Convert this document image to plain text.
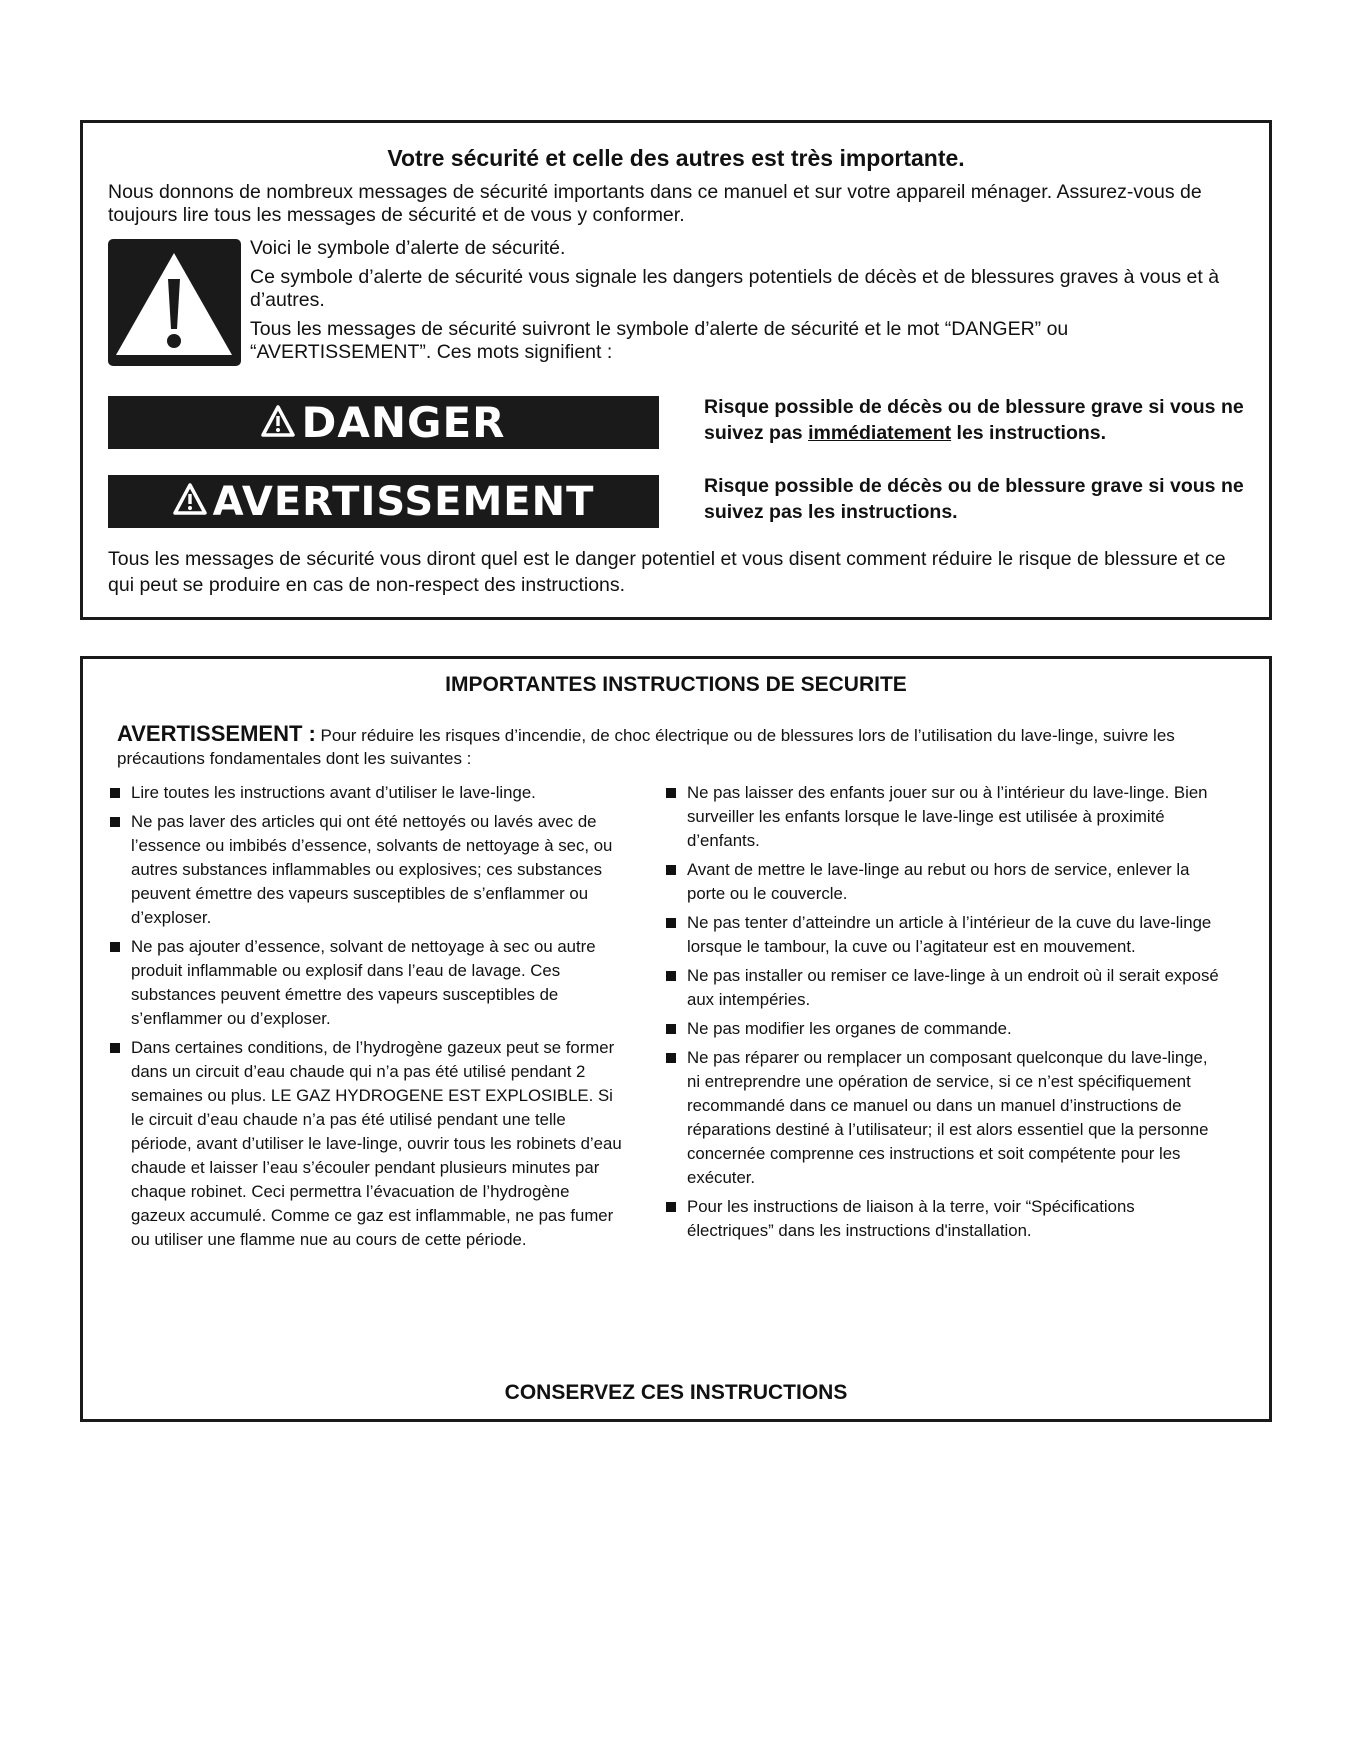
Votre sécurité et celle des autres est très importante.
Nous donnons de nombreux messages de sécurité importants dans ce manuel et sur votre appareil ménager. Assurez-vous de toujours lire tous les messages de sécurité et de vous y conformer.

Voici le symbole d’alerte de sécurité.

Ce symbole d’alerte de sécurité vous signale les dangers potentiels de décès et de blessures graves à vous et à d’autres.

Tous les messages de sécurité suivront le symbole d’alerte de sécurité et le mot “DANGER” ou “AVERTISSEMENT”. Ces mots signifient :

DANGER	Risque possible de décès ou de blessure grave si vous ne suivez pas immédiatement les instructions.
AVERTISSEMENT	Risque possible de décès ou de blessure grave si vous ne suivez pas les instructions.
Tous les messages de sécurité vous diront quel est le danger potentiel et vous disent comment réduire le risque de blessure et ce qui peut se produire en cas de non-respect des instructions.
IMPORTANTES INSTRUCTIONS DE SECURITE
AVERTISSEMENT : Pour réduire les risques d’incendie, de choc électrique ou de blessures lors de l’utilisation du lave-linge, suivre les précautions fondamentales dont les suivantes :
Lire toutes les instructions avant d’utiliser le lave-linge.
Ne pas laver des articles qui ont été nettoyés ou lavés avec de l’essence ou imbibés d’essence, solvants de nettoyage à sec, ou autres substances inflammables ou explosives; ces substances peuvent émettre des vapeurs susceptibles de s’enflammer ou d’exploser.
Ne pas ajouter d’essence, solvant de nettoyage à sec ou autre produit inflammable ou explosif dans l’eau de lavage. Ces substances peuvent émettre des vapeurs susceptibles de s’enflammer ou d’exploser.
Dans certaines conditions, de l’hydrogène gazeux peut se former dans un circuit d’eau chaude qui n’a pas été utilisé pendant 2 semaines ou plus. LE GAZ HYDROGENE EST EXPLOSIBLE. Si le circuit d’eau chaude n’a pas été utilisé pendant une telle période, avant d’utiliser le lave-linge, ouvrir tous les robinets d’eau chaude et laisser l’eau s’écouler pendant plusieurs minutes par chaque robinet. Ceci permettra l’évacuation de l’hydrogène gazeux accumulé. Comme ce gaz est inflammable, ne pas fumer ou utiliser une flamme nue au cours de cette période.
Ne pas laisser des enfants jouer sur ou à l’intérieur du lave-linge. Bien surveiller les enfants lorsque le lave-linge est utilisée à proximité d’enfants.
Avant de mettre le lave-linge au rebut ou hors de service, enlever la porte ou le couvercle.
Ne pas tenter d’atteindre un article à l’intérieur de la cuve du lave-linge lorsque le tambour, la cuve ou l’agitateur est en mouvement.
Ne pas installer ou remiser ce lave-linge à un endroit où il serait exposé aux intempéries.
Ne pas modifier les organes de commande.
Ne pas réparer ou remplacer un composant quelconque du lave-linge, ni entreprendre une opération de service, si ce n’est spécifiquement recommandé dans ce manuel ou dans un manuel d’instructions de réparations destiné à l’utilisateur; il est alors essentiel que la personne concernée comprenne ces instructions et soit compétente pour les exécuter.
Pour les instructions de liaison à la terre, voir “Spécifications électriques” dans les instructions d'installation.
CONSERVEZ CES INSTRUCTIONS
